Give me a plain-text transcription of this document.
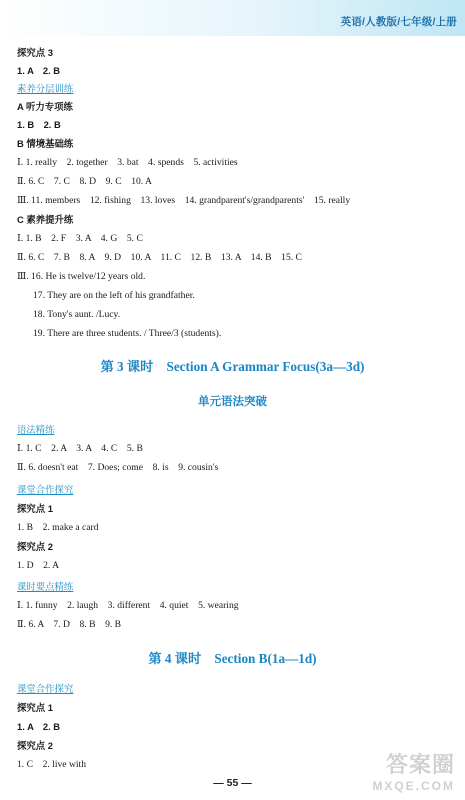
英语/人教版/七年级/上册
探究点 3
1. A　2. B
素养分层训练
A 听力专项练
1. B　2. B
B 情境基础练
Ⅰ. 1. really　2. together　3. bat　4. spends　5. activities
Ⅱ. 6. C　7. C　8. D　9. C　10. A
Ⅲ. 11. members　12. fishing　13. loves　14. grandparent's/grandparents'　15. really
C 素养提升练
Ⅰ. 1. B　2. F　3. A　4. G　5. C
Ⅱ. 6. C　7. B　8. A　9. D　10. A　11. C　12. B　13. A　14. B　15. C
Ⅲ. 16. He is twelve/12 years old.
17. They are on the left of his grandfather.
18. Tony's aunt. /Lucy.
19. There are three students. / Three/3 (students).
第 3 课时　Section A Grammar Focus(3a—3d)
单元语法突破
语法精练
Ⅰ. 1. C　2. A　3. A　4. C　5. B
Ⅱ. 6. doesn't eat　7. Does; come　8. is　9. cousin's
课堂合作探究
探究点 1
1. B　2. make a card
探究点 2
1. D　2. A
课时要点精练
Ⅰ. 1. funny　2. laugh　3. different　4. quiet　5. wearing
Ⅱ. 6. A　7. D　8. B　9. B
第 4 课时　Section B(1a—1d)
课堂合作探究
探究点 1
1. A　2. B
探究点 2
1. C　2. live with
— 55 —
答案圈
MXQE.COM
